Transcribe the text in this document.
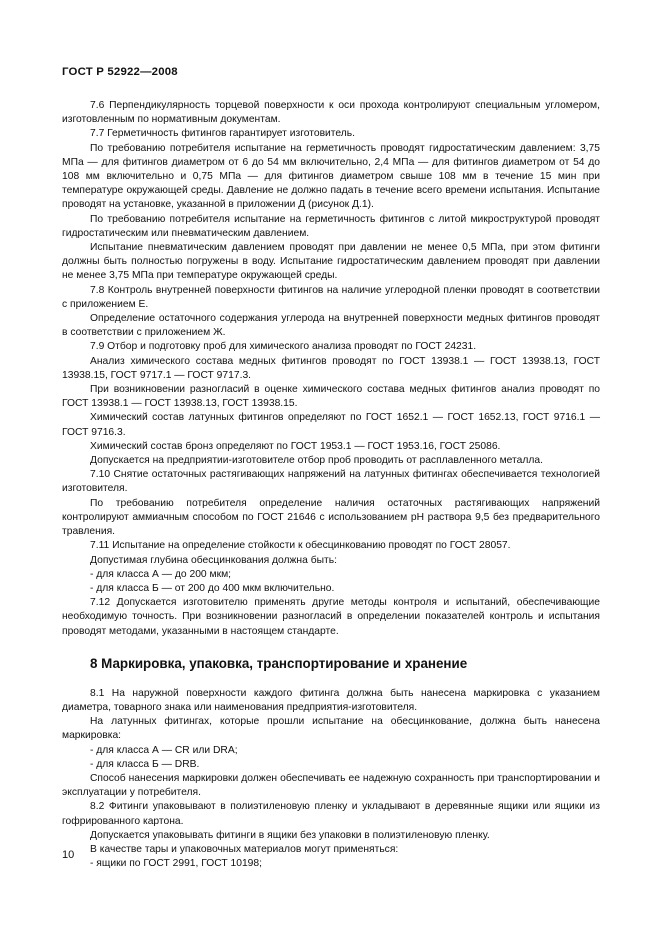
ГОСТ Р 52922—2008

7.6 Перпендикулярность торцевой поверхности к оси прохода контролируют специальным угломером, изготовленным по нормативным документам.

7.7 Герметичность фитингов гарантирует изготовитель.

По требованию потребителя испытание на герметичность проводят гидростатическим давлением: 3,75 МПа — для фитингов диаметром от 6 до 54 мм включительно, 2,4 МПа — для фитингов диаметром от 54 до 108 мм включительно и 0,75 МПа — для фитингов диаметром свыше 108 мм в течение 15 мин при температуре окружающей среды. Давление не должно падать в течение всего времени испытания. Испытание проводят на установке, указанной в приложении Д (рисунок Д.1).

По требованию потребителя испытание на герметичность фитингов с литой микроструктурой проводят гидростатическим или пневматическим давлением.

Испытание пневматическим давлением проводят при давлении не менее 0,5 МПа, при этом фитинги должны быть полностью погружены в воду. Испытание гидростатическим давлением проводят при давлении не менее 3,75 МПа при температуре окружающей среды.

7.8 Контроль внутренней поверхности фитингов на наличие углеродной пленки проводят в соответствии с приложением Е.

Определение остаточного содержания углерода на внутренней поверхности медных фитингов проводят в соответствии с приложением Ж.

7.9 Отбор и подготовку проб для химического анализа проводят по ГОСТ 24231.

Анализ химического состава медных фитингов проводят по ГОСТ 13938.1 — ГОСТ 13938.13, ГОСТ 13938.15, ГОСТ 9717.1 — ГОСТ 9717.3.

При возникновении разногласий в оценке химического состава медных фитингов анализ проводят по ГОСТ 13938.1 — ГОСТ 13938.13, ГОСТ 13938.15.

Химический состав латунных фитингов определяют по ГОСТ 1652.1 — ГОСТ 1652.13, ГОСТ 9716.1 — ГОСТ 9716.3.

Химический состав бронз определяют по ГОСТ 1953.1 — ГОСТ 1953.16, ГОСТ 25086.

Допускается на предприятии-изготовителе отбор проб проводить от расплавленного металла.

7.10 Снятие остаточных растягивающих напряжений на латунных фитингах обеспечивается технологией изготовителя.

По требованию потребителя определение наличия остаточных растягивающих напряжений контролируют аммиачным способом по ГОСТ 21646 с использованием pH раствора 9,5 без предварительного травления.

7.11 Испытание на определение стойкости к обесцинкованию проводят по ГОСТ 28057.

Допустимая глубина обесцинкования должна быть:

- для класса А — до 200 мкм;

- для класса Б — от 200 до 400 мкм включительно.

7.12 Допускается изготовителю применять другие методы контроля и испытаний, обеспечивающие необходимую точность. При возникновении разногласий в определении показателей контроль и испытания проводят методами, указанными в настоящем стандарте.

8 Маркировка, упаковка, транспортирование и хранение

8.1 На наружной поверхности каждого фитинга должна быть нанесена маркировка с указанием диаметра, товарного знака или наименования предприятия-изготовителя.

На латунных фитингах, которые прошли испытание на обесцинкование, должна быть нанесена маркировка:

- для класса А — CR или DRA;

- для класса Б — DRB.

Способ нанесения маркировки должен обеспечивать ее надежную сохранность при транспортировании и эксплуатации у потребителя.

8.2 Фитинги упаковывают в полиэтиленовую пленку и укладывают в деревянные ящики или ящики из гофрированного картона.

Допускается упаковывать фитинги в ящики без упаковки в полиэтиленовую пленку.

В качестве тары и упаковочных материалов могут применяться:

- ящики по ГОСТ 2991, ГОСТ 10198;

10
